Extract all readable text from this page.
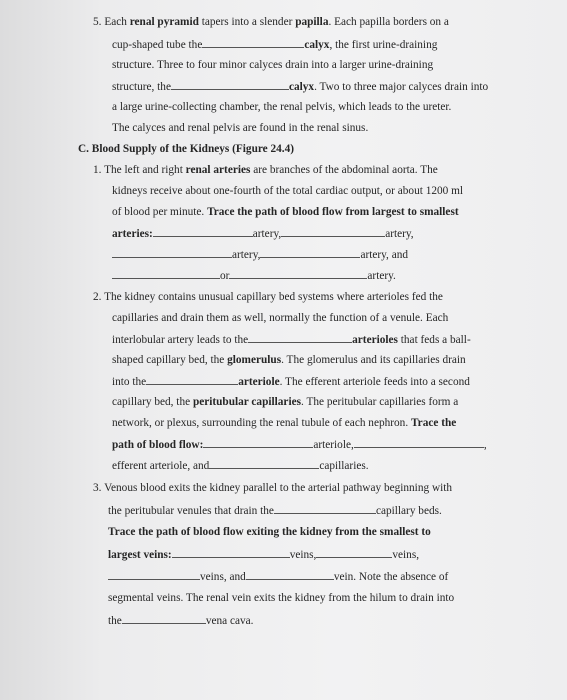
5. Each renal pyramid tapers into a slender papilla. Each papilla borders on a
cup-shaped tube the	calyx, the first urine-draining
structure. Three to four minor calyces drain into a larger urine-draining
structure, the	calyx. Two to three major calyces drain into
a large urine-collecting chamber, the renal pelvis, which leads to the ureter.
The calyces and renal pelvis are found in the renal sinus.
C. Blood Supply of the Kidneys (Figure 24.4)
1. The left and right renal arteries are branches of the abdominal aorta. The
kidneys receive about one-fourth of the total cardiac output, or about 1200 ml
of blood per minute. Trace the path of blood flow from largest to smallest
arteries:	artery,	artery,
artery,	artery, and
or	artery.
2. The kidney contains unusual capillary bed systems where arterioles fed the
capillaries and drain them as well, normally the function of a venule. Each
interlobular artery leads to the	arterioles that feds a ball-
shaped capillary bed, the glomerulus. The glomerulus and its capillaries drain
into the	arteriole. The efferent arteriole feeds into a second
capillary bed, the peritubular capillaries. The peritubular capillaries form a
network, or plexus, surrounding the renal tubule of each nephron. Trace the
path of blood flow:	arteriole,	,
efferent arteriole, and	capillaries.
3. Venous blood exits the kidney parallel to the arterial pathway beginning with
the peritubular venules that drain the	capillary beds.
Trace the path of blood flow exiting the kidney from the smallest to
largest veins:	veins,	veins,
veins, and	vein. Note the absence of
segmental veins. The renal vein exits the kidney from the hilum to drain into
the	vena cava.
